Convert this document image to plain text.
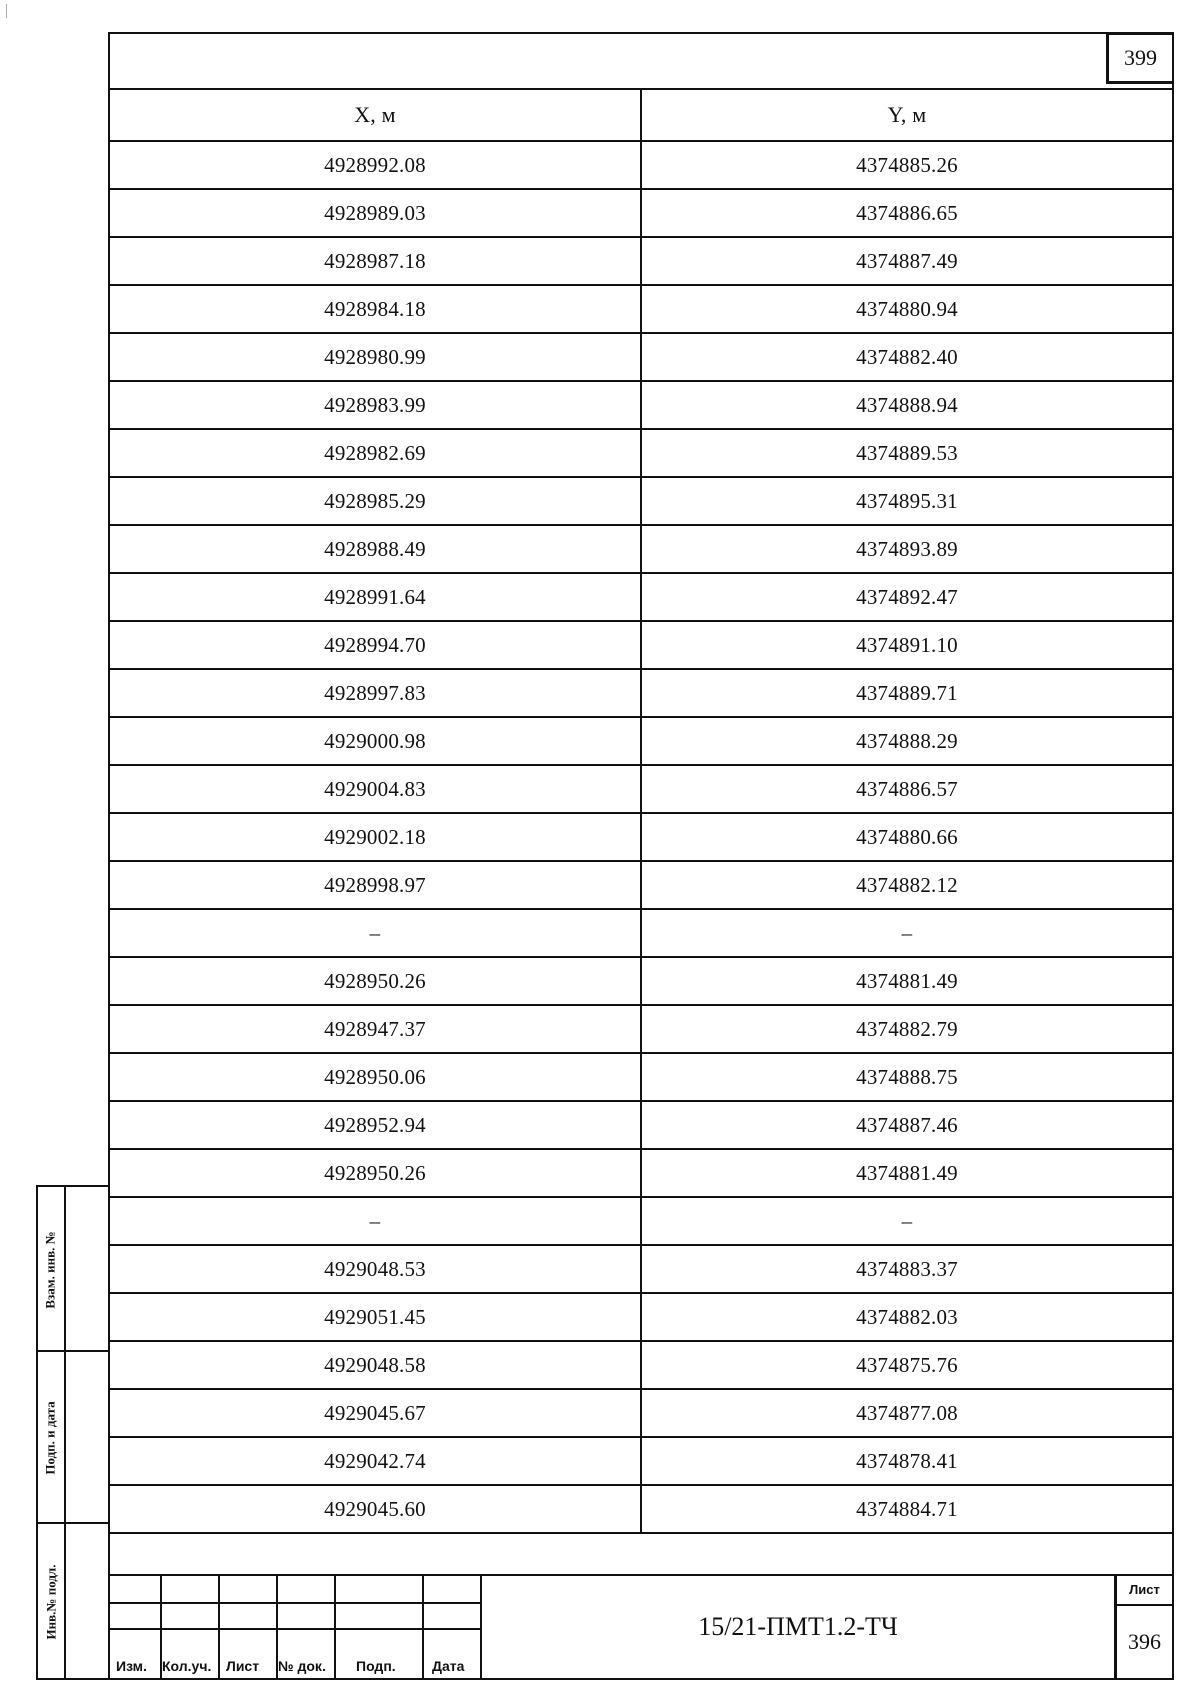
399
X, м	Y, м
4928992.08	4374885.26
4928989.03	4374886.65
4928987.18	4374887.49
4928984.18	4374880.94
4928980.99	4374882.40
4928983.99	4374888.94
4928982.69	4374889.53
4928985.29	4374895.31
4928988.49	4374893.89
4928991.64	4374892.47
4928994.70	4374891.10
4928997.83	4374889.71
4929000.98	4374888.29
4929004.83	4374886.57
4929002.18	4374880.66
4928998.97	4374882.12
–	–
4928950.26	4374881.49
4928947.37	4374882.79
4928950.06	4374888.75
4928952.94	4374887.46
4928950.26	4374881.49
–	–
4929048.53	4374883.37
4929051.45	4374882.03
4929048.58	4374875.76
4929045.67	4374877.08
4929042.74	4374878.41
4929045.60	4374884.71
Изм. Кол.уч. Лист № док. Подп.	Дата
15/21-ПМТ1.2-ТЧ
Лист
396
Взам. инв. №
Подп. и дата
Инв.№ подл.
